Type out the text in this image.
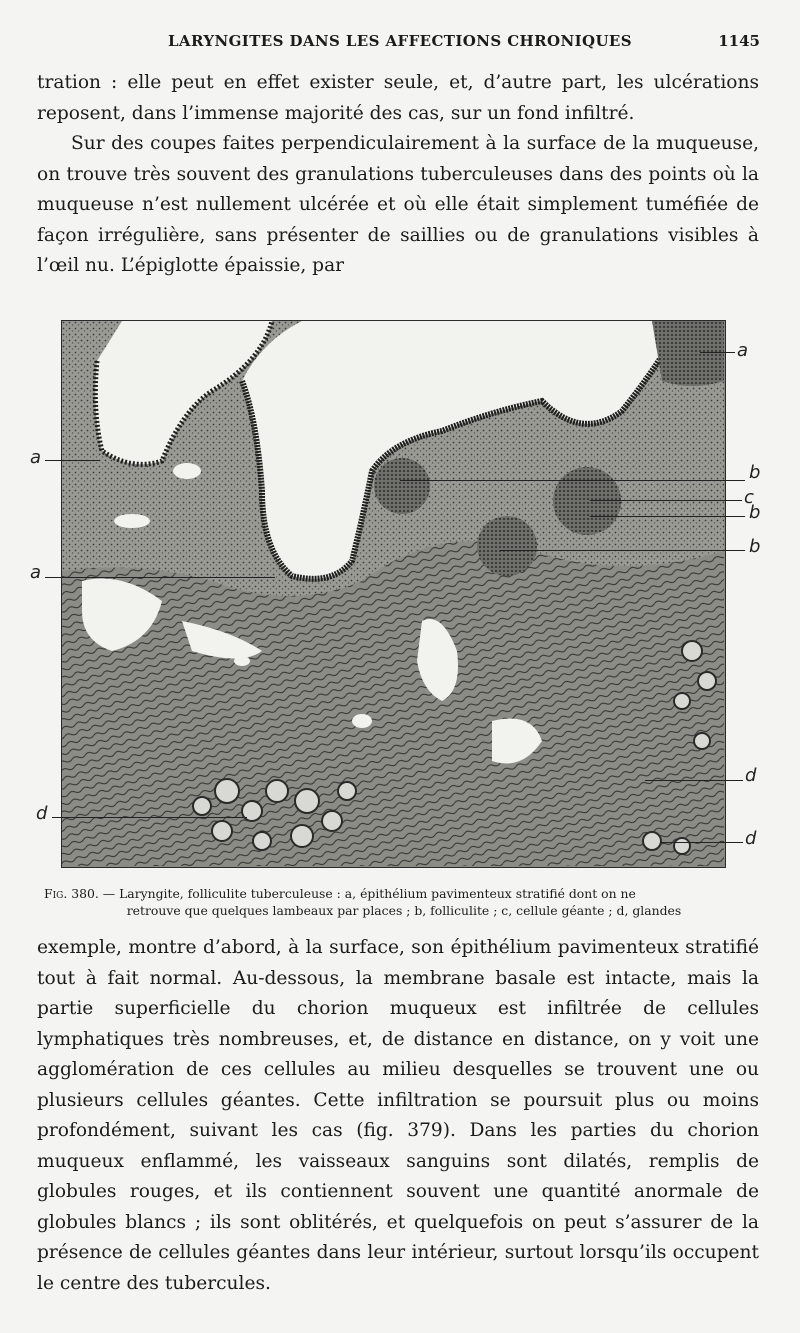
LARYNGITES DANS LES AFFECTIONS CHRONIQUES	1145

tration : elle peut en effet exister seule, et, d’autre part, les ulcérations reposent, dans l’immense majorité des cas, sur un fond infiltré.

Sur des coupes faites perpendiculairement à la surface de la muqueuse, on trouve très souvent des granulations tuberculeuses dans des points où la muqueuse n’est nullement ulcérée et où elle était simplement tuméfiée de façon irrégulière, sans présenter de saillies ou de granulations visibles à l’œil nu. L’épiglotte épaissie, par

a
a
a
b
c
b
b
d
d
d
Fig. 380. — Laryngite, folliculite tuberculeuse : a, épithélium pavimenteux stratifié dont on ne
retrouve que quelques lambeaux par places ; b, folliculite ; c, cellule géante ; d, glandes

exemple, montre d’abord, à la surface, son épithélium pavimenteux stratifié tout à fait normal. Au-dessous, la membrane basale est intacte, mais la partie superficielle du chorion muqueux est infiltrée de cellules lymphatiques très nombreuses, et, de distance en distance, on y voit une agglomération de ces cellules au milieu desquelles se trouvent une ou plusieurs cellules géantes. Cette infiltration se poursuit plus ou moins profondément, suivant les cas (fig. 379). Dans les parties du chorion muqueux enflammé, les vaisseaux sanguins sont dilatés, remplis de globules rouges, et ils contiennent souvent une quantité anormale de globules blancs ; ils sont oblitérés, et quelquefois on peut s’assurer de la présence de cellules géantes dans leur intérieur, surtout lorsqu’ils occupent le centre des tubercules.
